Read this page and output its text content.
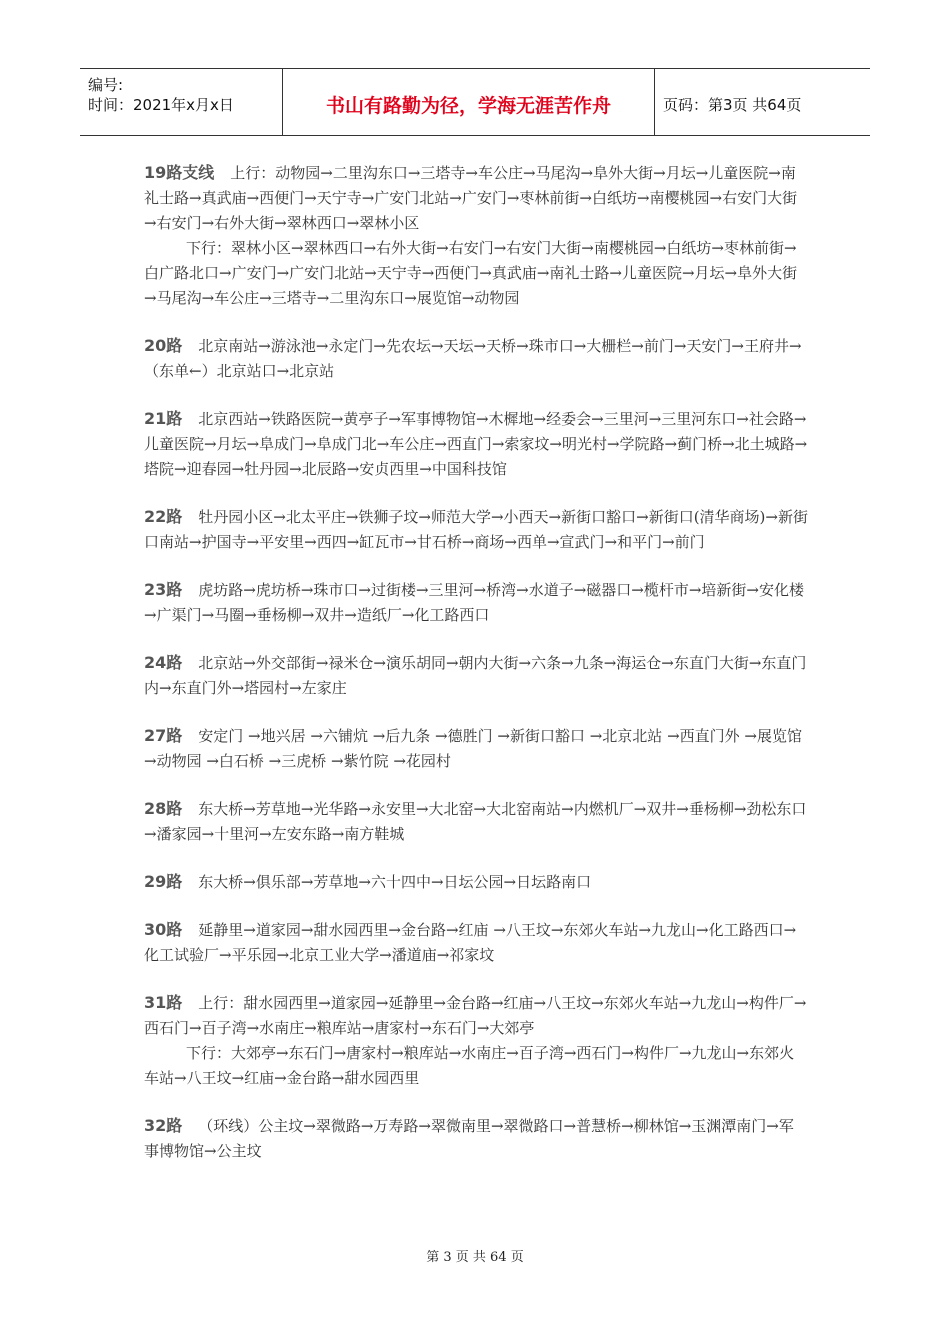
编号:
时间：2021年x月x日	书山有路勤为径，学海无涯苦作舟	页码：第3页 共64页

19路支线 上行：动物园→二里沟东口→三塔寺→车公庄→马尾沟→阜外大街→月坛→儿童医院→南礼士路→真武庙→西便门→天宁寺→广安门北站→广安门→枣林前街→白纸坊→南樱桃园→右安门大街→右安门→右外大街→翠林西口→翠林小区

下行：翠林小区→翠林西口→右外大街→右安门→右安门大街→南樱桃园→白纸坊→枣林前街→白广路北口→广安门→广安门北站→天宁寺→西便门→真武庙→南礼士路→儿童医院→月坛→阜外大街→马尾沟→车公庄→三塔寺→二里沟东口→展览馆→动物园

20路 北京南站→游泳池→永定门→先农坛→天坛→天桥→珠市口→大栅栏→前门→天安门→王府井→（东单←）北京站口→北京站

21路 北京西站→铁路医院→黄亭子→军事博物馆→木樨地→经委会→三里河→三里河东口→社会路→儿童医院→月坛→阜成门→阜成门北→车公庄→西直门→索家坟→明光村→学院路→蓟门桥→北土城路→塔院→迎春园→牡丹园→北辰路→安贞西里→中国科技馆

22路 牡丹园小区→北太平庄→铁狮子坟→师范大学→小西天→新街口豁口→新街口(清华商场)→新街口南站→护国寺→平安里→西四→缸瓦市→甘石桥→商场→西单→宣武门→和平门→前门

23路 虎坊路→虎坊桥→珠市口→过街楼→三里河→桥湾→水道子→磁器口→榄杆市→培新街→安化楼→广渠门→马圈→垂杨柳→双井→造纸厂→化工路西口

24路 北京站→外交部街→禄米仓→演乐胡同→朝内大街→六条→九条→海运仓→东直门大街→东直门内→东直门外→塔园村→左家庄

27路 安定门 →地兴居 →六铺炕 →后九条 →德胜门 →新街口豁口 →北京北站 →西直门外 →展览馆 →动物园 →白石桥 →三虎桥 →紫竹院 →花园村

28路 东大桥→芳草地→光华路→永安里→大北窑→大北窑南站→内燃机厂→双井→垂杨柳→劲松东口→潘家园→十里河→左安东路→南方鞋城

29路 东大桥→俱乐部→芳草地→六十四中→日坛公园→日坛路南口

30路 延静里→道家园→甜水园西里→金台路→红庙 →八王坟→东郊火车站→九龙山→化工路西口→化工试验厂→平乐园→北京工业大学→潘道庙→祁家坟

31路 上行：甜水园西里→道家园→延静里→金台路→红庙→八王坟→东郊火车站→九龙山→构件厂→西石门→百子湾→水南庄→粮库站→唐家村→东石门→大郊亭

下行：大郊亭→东石门→唐家村→粮库站→水南庄→百子湾→西石门→构件厂→九龙山→东郊火车站→八王坟→红庙→金台路→甜水园西里

32路 （环线）公主坟→翠微路→万寿路→翠微南里→翠微路口→普慧桥→柳林馆→玉渊潭南门→军事博物馆→公主坟

第 3 页 共 64 页
